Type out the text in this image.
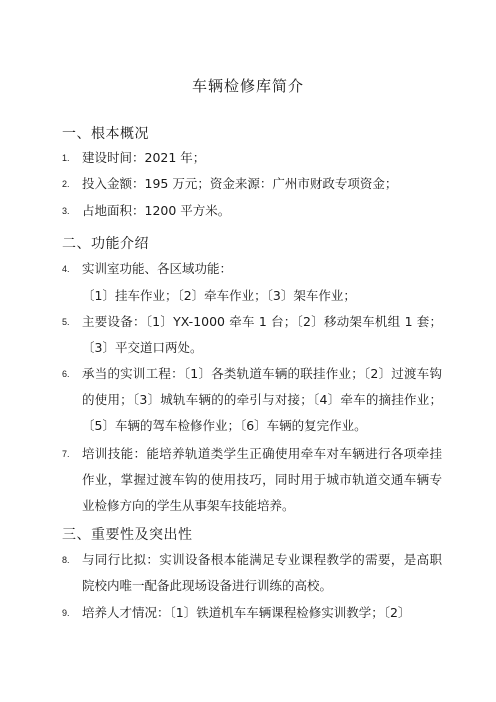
车辆检修库简介
一、根本概况
1. 建设时间：2021 年；
2. 投入金额：195 万元；资金来源：广州市财政专项资金；
3. 占地面积：1200 平方米。
二、功能介绍
4. 实训室功能、各区域功能：
〔1〕挂车作业；〔2〕牵车作业；〔3〕架车作业；
5. 主要设备：〔1〕YX-1000 牵车 1 台；〔2〕移动架车机组 1 套；〔3〕平交道口两处。
6. 承当的实训工程：〔1〕各类轨道车辆的联挂作业；〔2〕过渡车钩的使用；〔3〕城轨车辆的的牵引与对接；〔4〕牵车的摘挂作业；〔5〕车辆的驾车检修作业；〔6〕车辆的复完作业。
7. 培训技能：能培养轨道类学生正确使用牵车对车辆进行各项牵挂作业，掌握过渡车钩的使用技巧，同时用于城市轨道交通车辆专业检修方向的学生从事架车技能培养。
三、重要性及突出性
8. 与同行比拟：实训设备根本能满足专业课程教学的需要，是高职院校内唯一配备此现场设备进行训练的高校。
9. 培养人才情况：〔1〕铁道机车车辆课程检修实训教学；〔2〕
